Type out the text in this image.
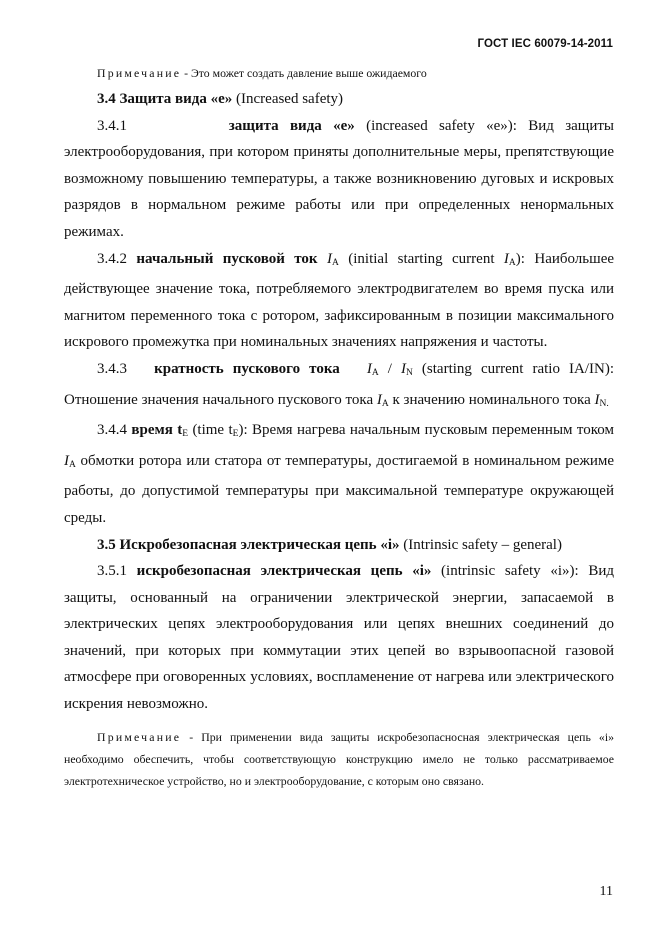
ГОСТ IEC 60079-14-2011

Примечание - Это может создать давление выше ожидаемого

3.4 Защита вида «е» (Increased safety)

3.4.1	защита вида «е» (increased safety «e»): Вид защиты электрооборудования, при котором приняты дополнительные меры, препятствующие возможному повышению температуры, а также возникновению дуговых и искровых разрядов в нормальном режиме работы или при определенных ненормальных режимах.

3.4.2 начальный пусковой ток $I_A$ (initial starting current $I_A$): Наибольшее действующее значение тока, потребляемого электродвигателем во время пуска или магнитом переменного тока с ротором, зафиксированным в позиции максимального искрового промежутка при номинальных значениях напряжения и частоты.

3.4.3 кратность пускового тока $I_A / I_N$ (starting current ratio IA/IN): Отношение значения начального пускового тока $I_A$ к значению номинального тока $I_{N.}$

3.4.4 время $t_E$ (time $t_E$): Время нагрева начальным пусковым переменным током $I_A$ обмотки ротора или статора от температуры, достигаемой в номинальном режиме работы, до допустимой температуры при максимальной температуре окружающей среды.

3.5 Искробезопасная электрическая цепь «i» (Intrinsic safety – general)

3.5.1 искробезопасная электрическая цепь «i» (intrinsic safety «i»): Вид защиты, основанный на ограничении электрической энергии, запасаемой в электрических цепях электрооборудования или цепях внешних соединений до значений, при которых при коммутации этих цепей во взрывоопасной газовой атмосфере при оговоренных условиях, воспламенение от нагрева или электрического искрения невозможно.

Примечание - При применении вида защиты искробезопасносная электрическая цепь «i» необходимо обеспечить, чтобы соответствующую конструкцию имело не только рассматриваемое электротехническое устройство, но и электрооборудование, с которым оно связано.

11
